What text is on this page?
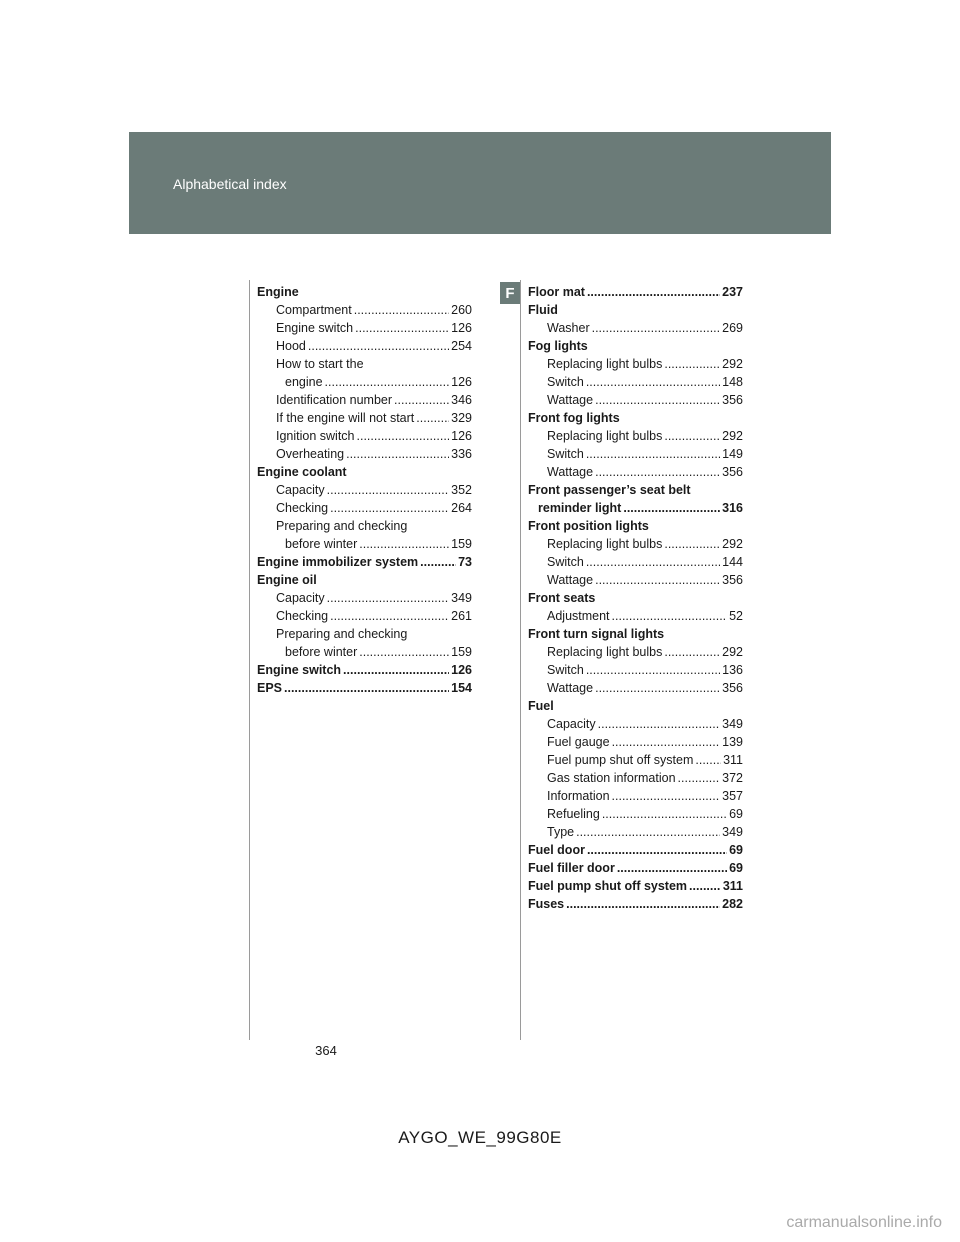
Alphabetical index
F
Engine
Compartment .....	260
Engine switch .....	126
Hood .....	254
How to start the
engine .....	126
Identification number .....	346
If the engine will not start .....	329
Ignition switch .....	126
Overheating .....	336
Engine coolant
Capacity .....	352
Checking .....	264
Preparing and checking
before winter .....	159
Engine immobilizer system .....	73
Engine oil
Capacity .....	349
Checking .....	261
Preparing and checking
before winter .....	159
Engine switch .....	126
EPS .....	154
Floor mat .....	237
Fluid
Washer .....	269
Fog lights
Replacing light bulbs .....	292
Switch .....	148
Wattage .....	356
Front fog lights
Replacing light bulbs .....	292
Switch .....	149
Wattage .....	356
Front passenger’s seat belt
reminder light .....	316
Front position lights
Replacing light bulbs .....	292
Switch .....	144
Wattage .....	356
Front seats
Adjustment .....	52
Front turn signal lights
Replacing light bulbs .....	292
Switch .....	136
Wattage .....	356
Fuel
Capacity .....	349
Fuel gauge .....	139
Fuel pump shut off system ..... 311
Gas station information .....	372
Information .....	357
Refueling .....	69
Type .....	349
Fuel door .....	69
Fuel filler door .....	69
Fuel pump shut off system .....	311
Fuses .....	282
364
AYGO_WE_99G80E
carmanualsonline.info
